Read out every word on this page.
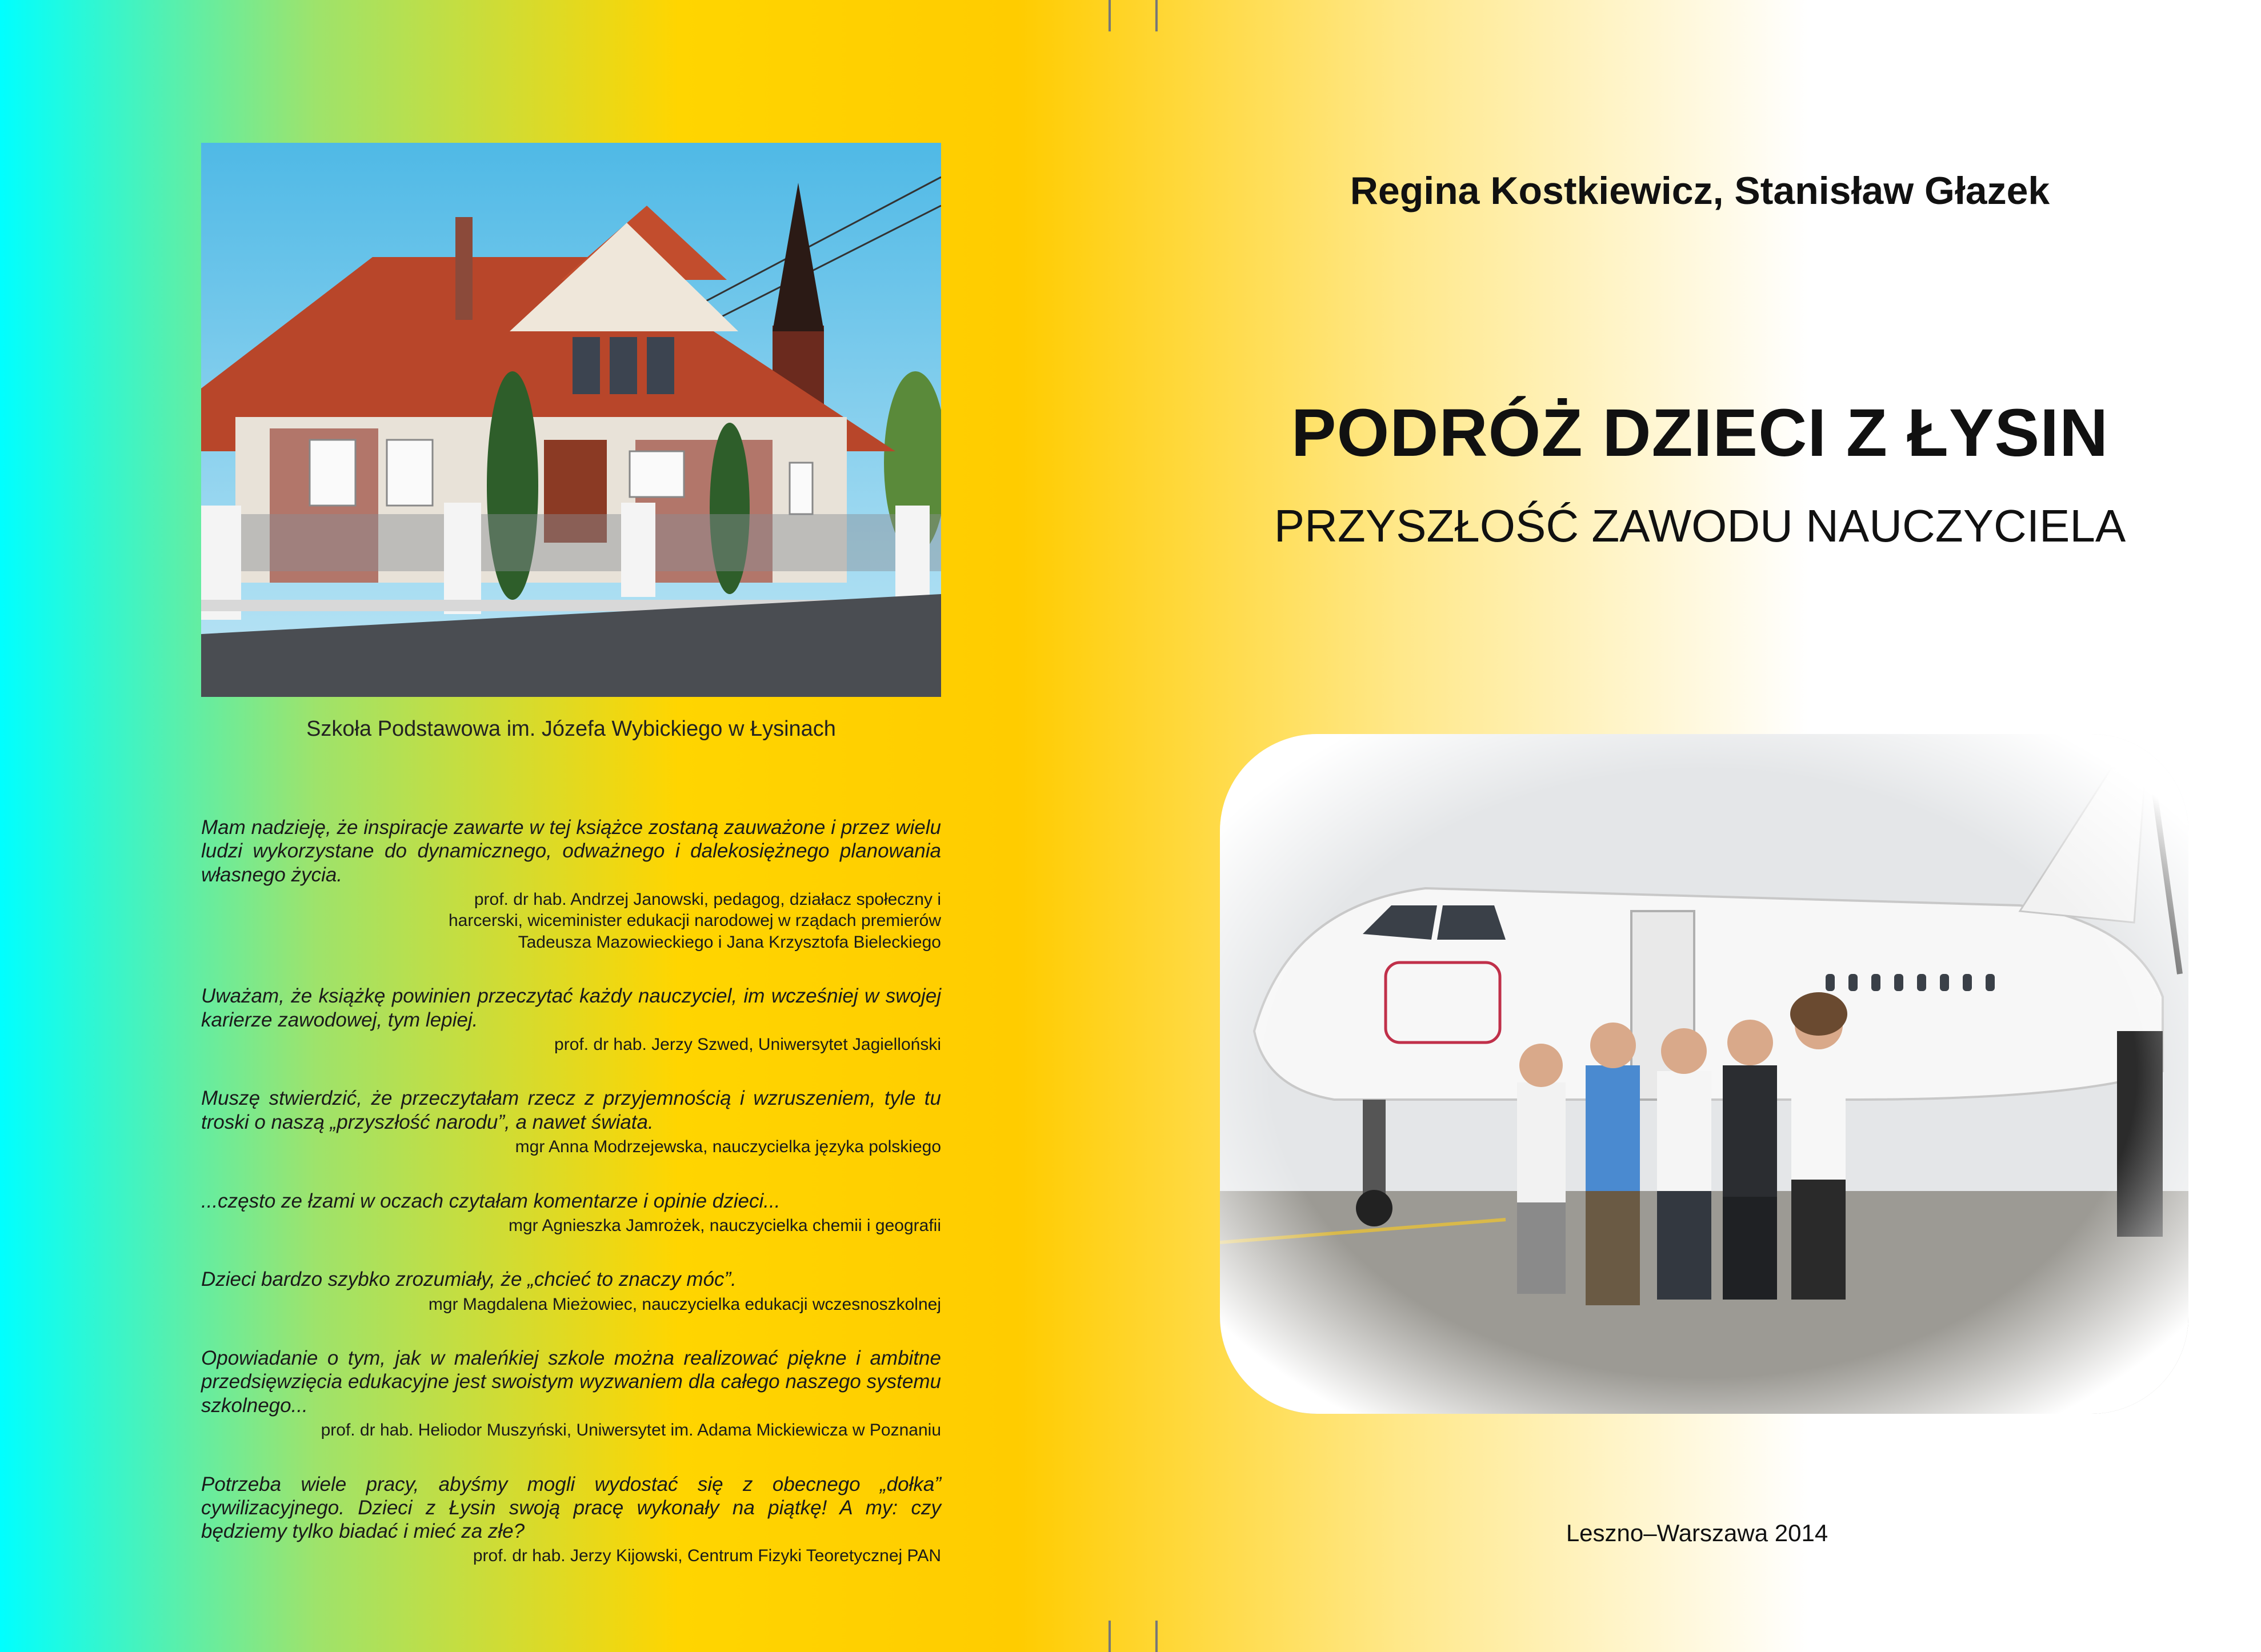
Szkoła Podstawowa im. Józefa Wybickiego w Łysinach

Mam nadzieję, że inspiracje zawarte w tej książce zostaną zauważone i przez wielu ludzi wykorzystane do dynamicznego, odważnego i dalekosiężnego planowania własnego życia.

prof. dr hab. Andrzej Janowski, pedagog, działacz społeczny i harcerski, wiceminister edukacji narodowej w rządach premierów Tadeusza Mazowieckiego i Jana Krzysztofa Bieleckiego

Uważam, że książkę powinien przeczytać każdy nauczyciel, im wcześniej w swojej karierze zawodowej, tym lepiej.

prof. dr hab. Jerzy Szwed, Uniwersytet Jagielloński

Muszę stwierdzić, że przeczytałam rzecz z przyjemnością i wzruszeniem, tyle tu troski o naszą „przyszłość narodu”, a nawet świata.

mgr Anna Modrzejewska, nauczycielka języka polskiego

...często ze łzami w oczach czytałam komentarze i opinie dzieci...

mgr Agnieszka Jamrożek, nauczycielka chemii i geografii

Dzieci bardzo szybko zrozumiały, że „chcieć to znaczy móc”.

mgr Magdalena Mieżowiec, nauczycielka edukacji wczesnoszkolnej

Opowiadanie o tym, jak w maleńkiej szkole można realizować piękne i ambitne przedsięwzięcia edukacyjne jest swoistym wyzwaniem dla całego naszego systemu szkolnego...

prof. dr hab. Heliodor Muszyński, Uniwersytet im. Adama Mickiewicza w Poznaniu

Potrzeba wiele pracy, abyśmy mogli wydostać się z obecnego „dołka” cywilizacyjnego. Dzieci z Łysin swoją pracę wykonały na piątkę! A my: czy będziemy tylko biadać i mieć za złe?

prof. dr hab. Jerzy Kijowski, Centrum Fizyki Teoretycznej PAN

Regina Kostkiewicz, Stanisław Głazek
PODRÓŻ DZIECI Z ŁYSIN
PRZYSZŁOŚĆ ZAWODU NAUCZYCIELA
Leszno–Warszawa 2014
